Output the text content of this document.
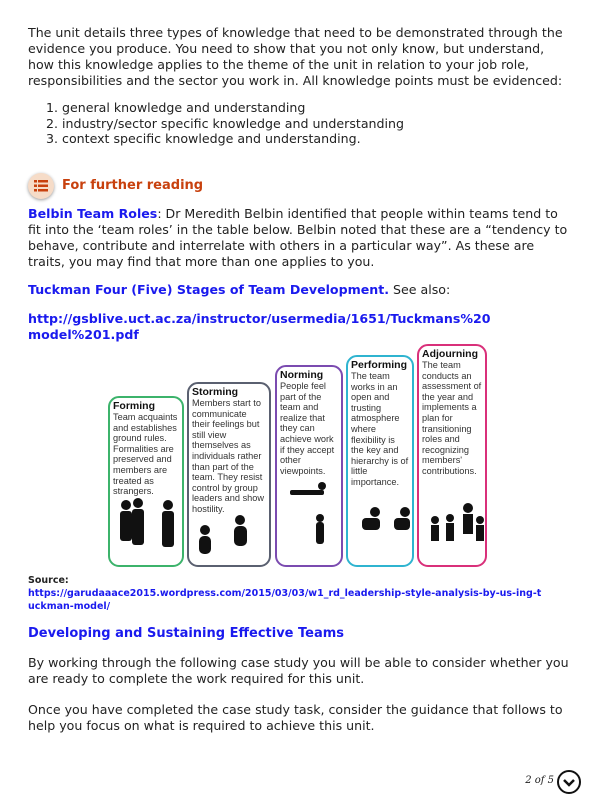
The unit details three types of knowledge that need to be demonstrated through the evidence you produce. You need to show that you not only know, but understand, how this knowledge applies to the theme of the unit in relation to your job role, responsibilities and the sector you work in. All knowledge points must be evidenced:
1. general knowledge and understanding
2. industry/sector specific knowledge and understanding
3. context specific knowledge and understanding.
For further reading
Belbin Team Roles: Dr Meredith Belbin identified that people within teams tend to fit into the ‘team roles’ in the table below. Belbin noted that these are a “tendency to behave, contribute and interrelate with others in a particular way”. As these are traits, you may find that more than one applies to you.
Tuckman Four (Five) Stages of Team Development. See also:
http://gsblive.uct.ac.za/instructor/usermedia/1651/Tuckmans%20 model%201.pdf
Forming
Team acquaints and establishes ground rules. Formalities are preserved and members are treated as strangers.
Storming
Members start to communicate their feelings but still view themselves as individuals rather than part of the team. They resist control by group leaders and show hostility.
Norming
People feel part of the team and realize that they can achieve work if they accept other viewpoints.
Performing
The team works in an open and trusting atmosphere where flexibility is the key and hierarchy is of little importance.
Adjourning
The team conducts an assessment of the year and implements a plan for transitioning roles and recognizing members' contributions.
Source:
https://garudaaace2015.wordpress.com/2015/03/03/w1_rd_leadership-style-analysis-by-us-ing-tuckman-model/
Developing and Sustaining Effective Teams
By working through the following case study you will be able to consider whether you are ready to complete the work required for this unit.
Once you have completed the case study task, consider the guidance that follows to help you focus on what is required to achieve this unit.
2 of 5
